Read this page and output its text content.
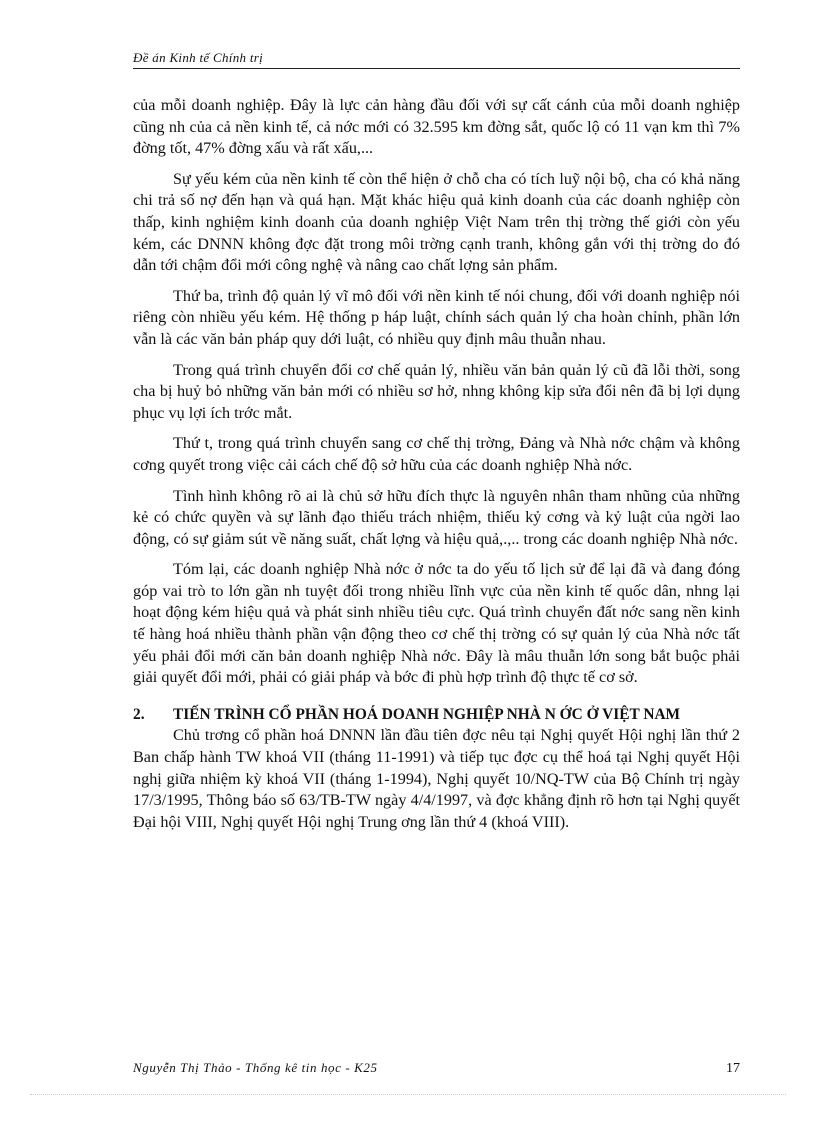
Đề án Kinh tế Chính trị

của mỗi doanh nghiệp. Đây là lực cản hàng đầu đối với sự cất cánh của mỗi doanh nghiệp cũng nh của cả nền kinh tế, cả nớc mới có 32.595 km đờng sắt, quốc lộ có 11 vạn km thì 7% đờng tốt, 47% đờng xấu và rất xấu,...

Sự yếu kém của nền kinh tế còn thể hiện ở chỗ cha có tích luỹ nội bộ, cha có khả năng chi trả số nợ đến hạn và quá hạn. Mặt khác hiệu quả kinh doanh của các doanh nghiệp còn thấp, kinh nghiệm kinh doanh của doanh nghiệp Việt Nam trên thị trờng thế giới còn yếu kém, các DNNN không đợc đặt trong môi trờng cạnh tranh, không gắn với thị trờng do đó dẫn tới chậm đổi mới công nghệ và nâng cao chất lợng sản phẩm.

Thứ ba, trình độ quản lý vĩ mô đối với nền kinh tế nói chung, đối với doanh nghiệp nói riêng còn nhiều yếu kém. Hệ thống p háp luật, chính sách quản lý cha hoàn chỉnh, phần lớn vẫn là các văn bản pháp quy dới luật, có nhiều quy định mâu thuẫn nhau.

Trong quá trình chuyển đổi cơ chế quản lý, nhiều văn bản quản lý cũ đã lỗi thời, song cha bị huỷ bỏ những văn bản mới có nhiều sơ hở, nhng không kịp sửa đổi nên đã bị lợi dụng phục vụ lợi ích trớc mắt.

Thứ t, trong quá trình chuyển sang cơ chế thị trờng, Đảng và Nhà nớc chậm và không cơng quyết trong việc cải cách chế độ sở hữu của các doanh nghiệp Nhà nớc.

Tình hình không rõ ai là chủ sở hữu đích thực là nguyên nhân tham nhũng của những kẻ có chức quyền và sự lãnh đạo thiếu trách nhiệm, thiếu kỷ cơng và kỷ luật của ngời lao động, có sự giảm sút về năng suất, chất lợng và hiệu quả,.,.. trong các doanh nghiệp Nhà nớc.

Tóm lại, các doanh nghiệp Nhà nớc ở nớc ta do yếu tố lịch sử để lại đã và đang đóng góp vai trò to lớn gần nh tuyệt đối trong nhiều lĩnh vực của nền kinh tế quốc dân, nhng lại hoạt động kém hiệu quả và phát sinh nhiều tiêu cực. Quá trình chuyển đất nớc sang nền kinh tế hàng hoá nhiều thành phần vận động theo cơ chế thị trờng có sự quản lý của Nhà nớc tất yếu phải đổi mới căn bản doanh nghiệp Nhà nớc. Đây là mâu thuẫn lớn song bắt buộc phải giải quyết đổi mới, phải có giải pháp và bớc đi phù hợp trình độ thực tế cơ sở.

2.	TIẾN TRÌNH CỔ PHẦN HOÁ DOANH NGHIỆP NHÀ N ỚC Ở VIỆT NAM

Chủ trơng cổ phần hoá DNNN lần đầu tiên đợc nêu tại Nghị quyết Hội nghị lần thứ 2 Ban chấp hành TW khoá VII (tháng 11-1991) và tiếp tục đợc cụ thể hoá tại Nghị quyết Hội nghị giữa nhiệm kỳ khoá VII (tháng 1-1994), Nghị quyết 10/NQ-TW của Bộ Chính trị ngày 17/3/1995, Thông báo số 63/TB-TW ngày 4/4/1997, và đợc khẳng định rõ hơn tại Nghị quyết Đại hội VIII, Nghị quyết Hội nghị Trung ơng lần thứ 4 (khoá VIII).

Nguyễn Thị Thảo - Thống kê tin học - K25	17
